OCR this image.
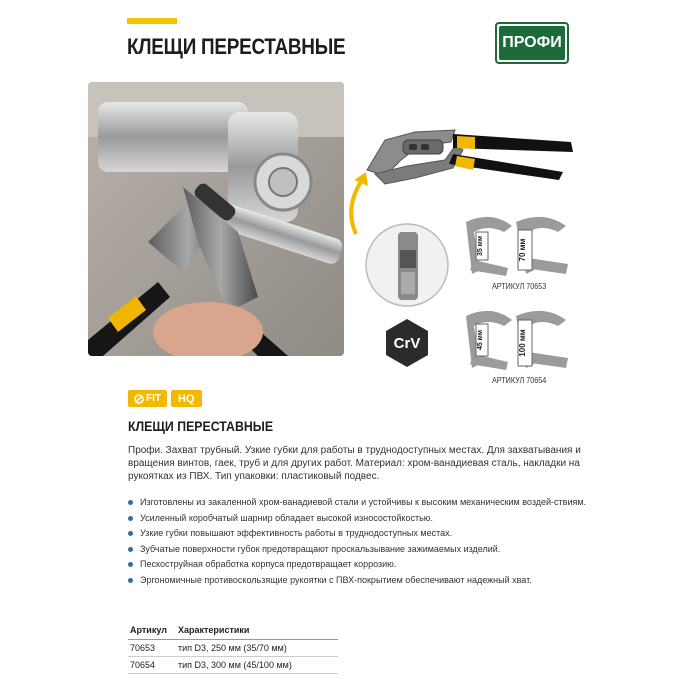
КЛЕЩИ ПЕРЕСТАВНЫЕ	ПРОФИ
CrV
35 мм	70 мм
АРТИКУЛ 70653
45 мм	100 мм
АРТИКУЛ 70654
FIT	HQ
КЛЕЩИ ПЕРЕСТАВНЫЕ

Профи. Захват трубный. Узкие губки для работы в труднодоступных местах. Для захватывания и вращения винтов, гаек, труб и для других работ. Материал: хром-ванадиевая сталь, накладки на рукоятках из ПВХ. Тип упаковки: пластиковый подвес.

Изготовлены из закаленной хром-ванадиевой стали и устойчивы к высоким механическим воздей-ствиям.
Усиленный коробчатый шарнир обладает высокой износостойкостью.
Узкие губки повышают эффективность работы в труднодоступных местах.
Зубчатые поверхности губок предотвращают проскальзывание зажимаемых изделий.
Пескоструйная обработка корпуса предотвращает коррозию.
Эргономичные противоскользящие рукоятки с ПВХ-покрытием обеспечивают надежный хват.
Артикул	Характеристики
70653	тип D3, 250 мм (35/70 мм)
70654	тип D3, 300 мм (45/100 мм)
